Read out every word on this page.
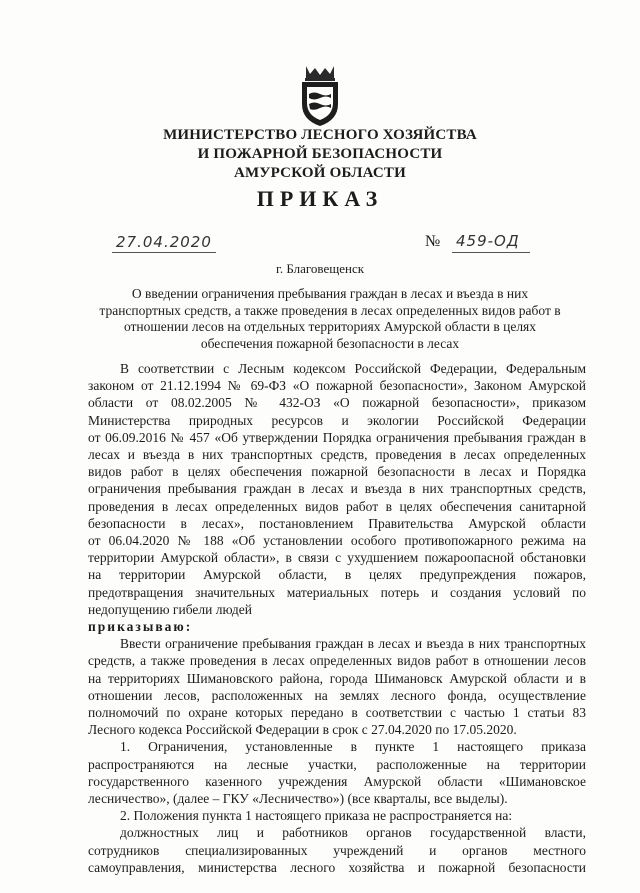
МИНИСТЕРСТВО ЛЕСНОГО ХОЗЯЙСТВА
И ПОЖАРНОЙ БЕЗОПАСНОСТИ
АМУРСКОЙ ОБЛАСТИ
ПРИКАЗ
27.04.2020	№ 459-ОД
г. Благовещенск
О введении ограничения пребывания граждан в лесах и въезда в них
транспортных средств, а также проведения в лесах определенных видов работ в
отношении лесов на отдельных территориях Амурской области в целях
обеспечения пожарной безопасности в лесах
В соответствии с Лесным кодексом Российской Федерации, Федеральным
законом от 21.12.1994 № 69-ФЗ «О пожарной безопасности», Законом Амурской
области от 08.02.2005 № 432-ОЗ «О пожарной безопасности», приказом
Министерства природных ресурсов и экологии Российской Федерации
от 06.09.2016 № 457 «Об утверждении Порядка ограничения пребывания граждан в
лесах и въезда в них транспортных средств, проведения в лесах определенных
видов работ в целях обеспечения пожарной безопасности в лесах и Порядка
ограничения пребывания граждан в лесах и въезда в них транспортных средств,
проведения в лесах определенных видов работ в целях обеспечения санитарной
безопасности в лесах», постановлением Правительства Амурской области
от 06.04.2020 № 188 «Об установлении особого противопожарного режима на
территории Амурской области», в связи с ухудшением пожароопасной обстановки
на территории Амурской области, в целях предупреждения пожаров,
предотвращения значительных материальных потерь и создания условий по
недопущению гибели людей
приказываю:
Ввести ограничение пребывания граждан в лесах и въезда в них транспортных
средств, а также проведения в лесах определенных видов работ в отношении лесов
на территориях Шимановского района, города Шимановск Амурской области и в
отношении лесов, расположенных на землях лесного фонда, осуществление
полномочий по охране которых передано в соответствии с частью 1 статьи 83
Лесного кодекса Российской Федерации в срок с 27.04.2020 по 17.05.2020.
1. Ограничения, установленные в пункте 1 настоящего приказа
распространяются на лесные участки, расположенные на территории
государственного казенного учреждения Амурской области «Шимановское
лесничество», (далее – ГКУ «Лесничество») (все кварталы, все выделы).
2. Положения пункта 1 настоящего приказа не распространяется на:
должностных лиц и работников органов государственной власти,
сотрудников специализированных учреждений и органов местного
самоуправления, министерства лесного хозяйства и пожарной безопасности
